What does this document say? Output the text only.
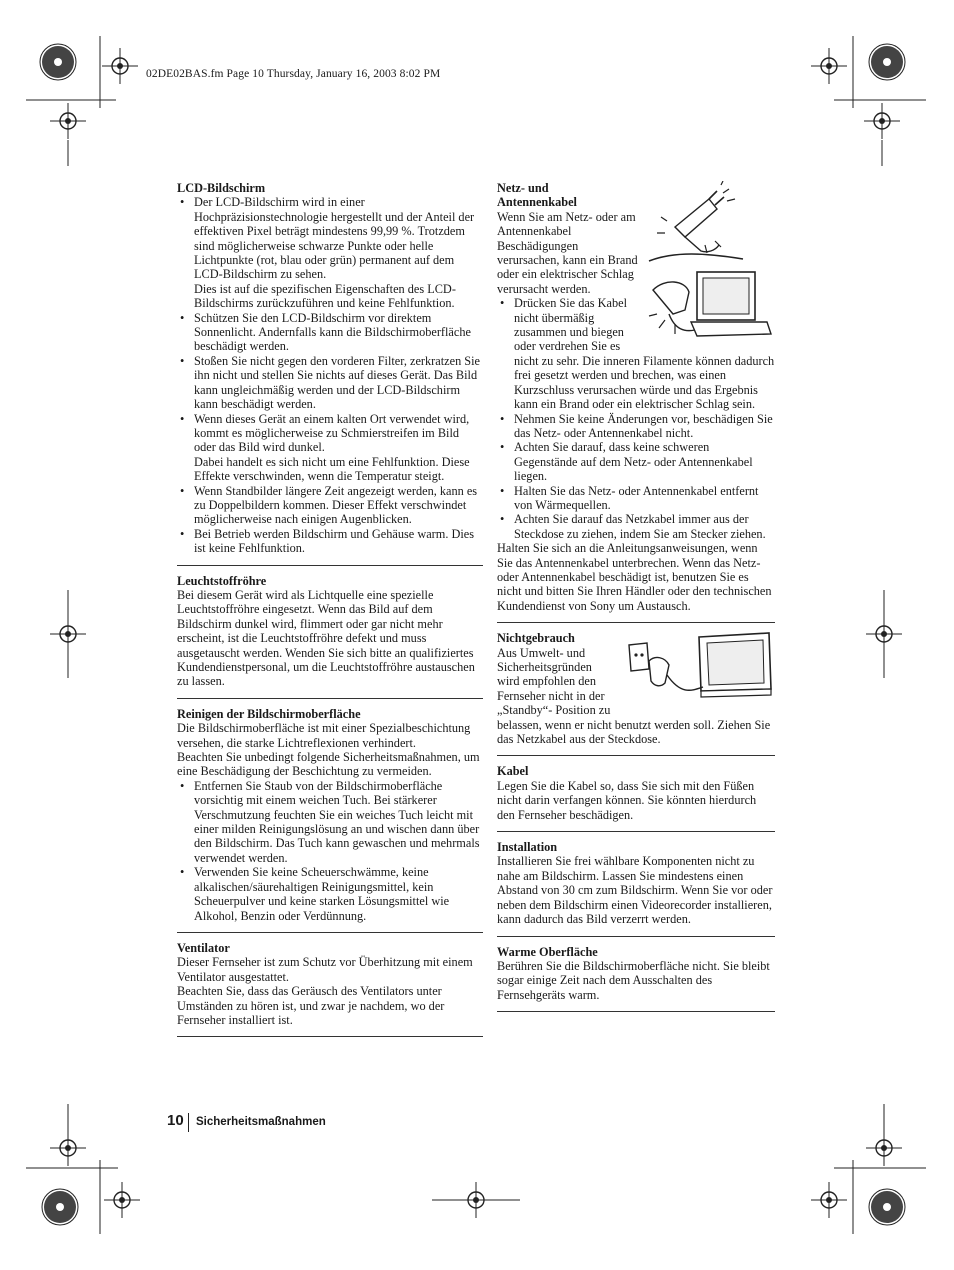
02DE02BAS.fm Page 10 Thursday, January 16, 2003 8:02 PM
LCD-Bildschirm
• Der LCD-Bildschirm wird in einer Hochpräzisionstechnologie hergestellt und der Anteil der effektiven Pixel beträgt mindestens 99,99 %. Trotzdem sind möglicherweise schwarze Punkte oder helle Lichtpunkte (rot, blau oder grün) permanent auf dem LCD-Bildschirm zu sehen.
Dies ist auf die spezifischen Eigenschaften des LCD-Bildschirms zurückzuführen und keine Fehlfunktion.
• Schützen Sie den LCD-Bildschirm vor direktem Sonnenlicht. Andernfalls kann die Bildschirmoberfläche beschädigt werden.
• Stoßen Sie nicht gegen den vorderen Filter, zerkratzen Sie ihn nicht und stellen Sie nichts auf dieses Gerät. Das Bild kann ungleichmäßig werden und der LCD-Bildschirm kann beschädigt werden.
• Wenn dieses Gerät an einem kalten Ort verwendet wird, kommt es möglicherweise zu Schmierstreifen im Bild oder das Bild wird dunkel.
Dabei handelt es sich nicht um eine Fehlfunktion. Diese Effekte verschwinden, wenn die Temperatur steigt.
• Wenn Standbilder längere Zeit angezeigt werden, kann es zu Doppelbildern kommen. Dieser Effekt verschwindet möglicherweise nach einigen Augenblicken.
• Bei Betrieb werden Bildschirm und Gehäuse warm. Dies ist keine Fehlfunktion.
Leuchtstoffröhre
Bei diesem Gerät wird als Lichtquelle eine spezielle Leuchtstoffröhre eingesetzt. Wenn das Bild auf dem Bildschirm dunkel wird, flimmert oder gar nicht mehr erscheint, ist die Leuchtstoffröhre defekt und muss ausgetauscht werden. Wenden Sie sich bitte an qualifiziertes Kundendienstpersonal, um die Leuchtstoffröhre austauschen zu lassen.
Reinigen der Bildschirmoberfläche
Die Bildschirmoberfläche ist mit einer Spezialbeschichtung versehen, die starke Lichtreflexionen verhindert.
Beachten Sie unbedingt folgende Sicherheitsmaßnahmen, um eine Beschädigung der Beschichtung zu vermeiden.
• Entfernen Sie Staub von der Bildschirmoberfläche vorsichtig mit einem weichen Tuch. Bei stärkerer Verschmutzung feuchten Sie ein weiches Tuch leicht mit einer milden Reinigungslösung an und wischen dann über den Bildschirm. Das Tuch kann gewaschen und mehrmals verwendet werden.
• Verwenden Sie keine Scheuerschwämme, keine alkalischen/säurehaltigen Reinigungsmittel, kein Scheuerpulver und keine starken Lösungsmittel wie Alkohol, Benzin oder Verdünnung.
Ventilator
Dieser Fernseher ist zum Schutz vor Überhitzung mit einem Ventilator ausgestattet.
Beachten Sie, dass das Geräusch des Ventilators unter Umständen zu hören ist, und zwar je nachdem, wo der Fernseher installiert ist.
Netz- und
Antennenkabel
Wenn Sie am Netz- oder am Antennenkabel Beschädigungen verursachen, kann ein Brand oder ein elektrischer Schlag verursacht werden.
• Drücken Sie das Kabel nicht übermäßig zusammen und biegen oder verdrehen Sie es nicht zu sehr. Die inneren Filamente können dadurch frei gesetzt werden und brechen, was einen Kurzschluss verursachen würde und das Ergebnis kann ein Brand oder ein elektrischer Schlag sein.
• Nehmen Sie keine Änderungen vor, beschädigen Sie das Netz- oder Antennenkabel nicht.
• Achten Sie darauf, dass keine schweren Gegenstände auf dem Netz- oder Antennenkabel liegen.
• Halten Sie das Netz- oder Antennenkabel entfernt von Wärmequellen.
• Achten Sie darauf das Netzkabel immer aus der Steckdose zu ziehen, indem Sie am Stecker ziehen.
Halten Sie sich an die Anleitungsanweisungen, wenn Sie das Antennenkabel unterbrechen. Wenn das Netz- oder Antennenkabel beschädigt ist, benutzen Sie es nicht und bitten Sie Ihren Händler oder den technischen Kundendienst von Sony um Austausch.
Nichtgebrauch
Aus Umwelt- und Sicherheitsgründen wird empfohlen den Fernseher nicht in der „Standby“- Position zu belassen, wenn er nicht benutzt werden soll. Ziehen Sie das Netzkabel aus der Steckdose.
Kabel
Legen Sie die Kabel so, dass Sie sich mit den Füßen nicht darin verfangen können. Sie könnten hierdurch den Fernseher beschädigen.
Installation
Installieren Sie frei wählbare Komponenten nicht zu nahe am Bildschirm. Lassen Sie mindestens einen Abstand von 30 cm zum Bildschirm. Wenn Sie vor oder neben dem Bildschirm einen Videorecorder installieren, kann dadurch das Bild verzerrt werden.
Warme Oberfläche
Berühren Sie die Bildschirmoberfläche nicht. Sie bleibt sogar einige Zeit nach dem Ausschalten des Fernsehgeräts warm.
10 Sicherheitsmaßnahmen
